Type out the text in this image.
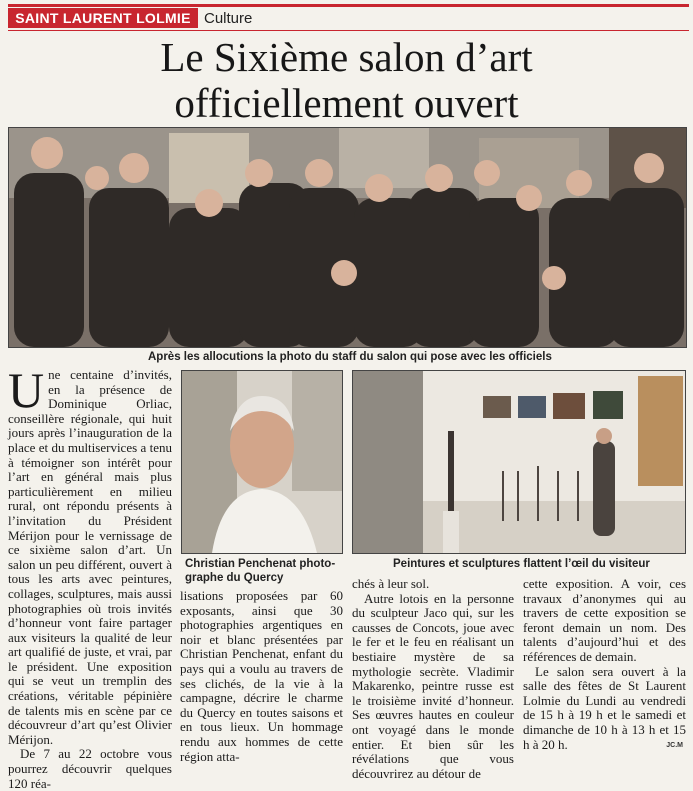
SAINT LAURENT LOLMIE Culture
Le Sixième salon d’art
officiellement ouvert
Après les allocutions la photo du staff du salon qui pose avec les officiels

Une centaine d’invités, en la présence de Dominique Orliac, conseillère régionale, qui huit jours après l’inauguration de la place et du multiservices a tenu à témoigner son intérêt pour l’art en général mais plus particulièrement en milieu rural, ont répondu présents à l’invitation du Président Mérijon pour le vernissage de ce sixième salon d’art. Un salon un peu différent, ouvert à tous les arts avec peintures, collages, sculptures, mais aussi photographies où trois invités d’honneur vont faire partager aux visiteurs la qualité de leur art qualifié de juste, et vrai, par le président. Une exposition qui se veut un tremplin des créations, véritable pépinière de talents mis en scène par ce découvreur d’art qu’est Olivier Mérijon.

De 7 au 22 octobre vous pourrez découvrir quelques 120 réa-

Christian Penchenat photo-
graphe du Quercy
Peintures et sculptures flattent l’œil du visiteur

lisations proposées par 60 exposants, ainsi que 30 photographies argentiques en noir et blanc présentées par Christian Penchenat, enfant du pays qui a voulu au travers de ses clichés, de la vie à la campagne, décrire le charme du Quercy en toutes saisons et en tous lieux. Un hommage rendu aux hommes de cette région atta-

chés à leur sol.

Autre lotois en la personne du sculpteur Jaco qui, sur les causses de Concots, joue avec le fer et le feu en réalisant un bestiaire mystère de sa mythologie secrète. Vladimir Makarenko, peintre russe est le troisième invité d’honneur. Ses œuvres hautes en couleur ont voyagé dans le monde entier. Et bien sûr les révélations que vous découvrirez au détour de

cette exposition. A voir, ces travaux d’anonymes qui au travers de cette exposition se feront demain un nom. Des talents d’aujourd’hui et des références de demain.

Le salon sera ouvert à la salle des fêtes de St Laurent Lolmie du Lundi au vendredi de 15 h à 19 h et le samedi et dimanche de 10 h à 13 h et 15 h à 20 h.	JC.M
